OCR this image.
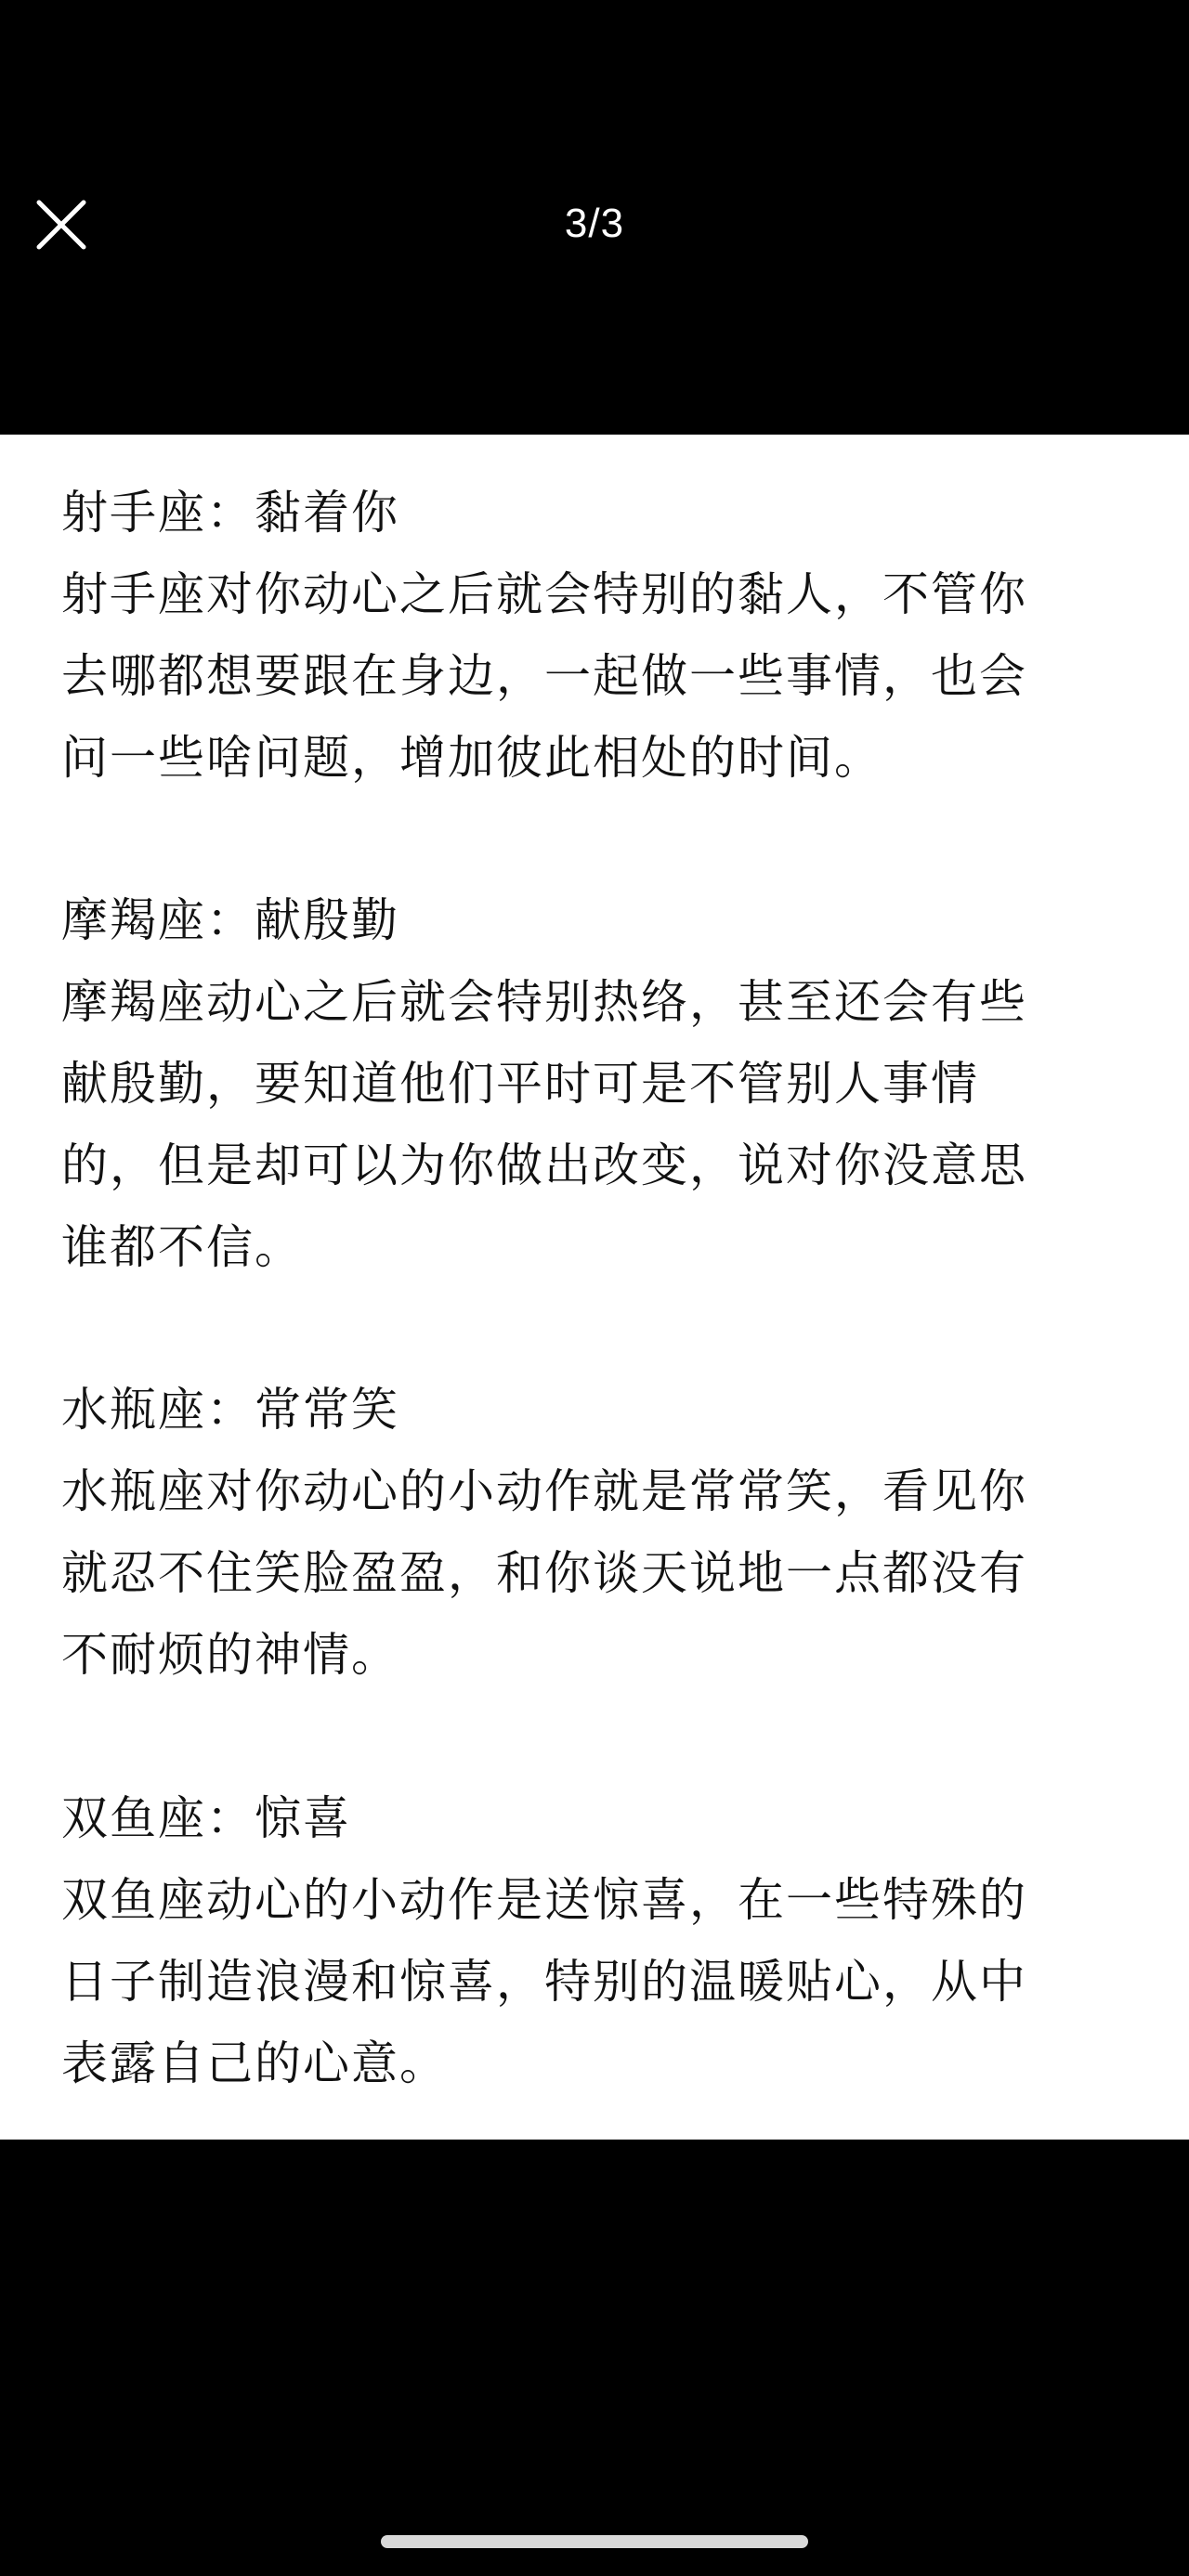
3/3
射手座：黏着你
射手座对你动心之后就会特别的黏人，不管你
去哪都想要跟在身边，一起做一些事情，也会
问一些啥问题，增加彼此相处的时间。
摩羯座：献殷勤
摩羯座动心之后就会特别热络，甚至还会有些
献殷勤，要知道他们平时可是不管别人事情
的，但是却可以为你做出改变，说对你没意思
谁都不信。
水瓶座：常常笑
水瓶座对你动心的小动作就是常常笑，看见你
就忍不住笑脸盈盈，和你谈天说地一点都没有
不耐烦的神情。
双鱼座：惊喜
双鱼座动心的小动作是送惊喜，在一些特殊的
日子制造浪漫和惊喜，特别的温暖贴心，从中
表露自己的心意。
